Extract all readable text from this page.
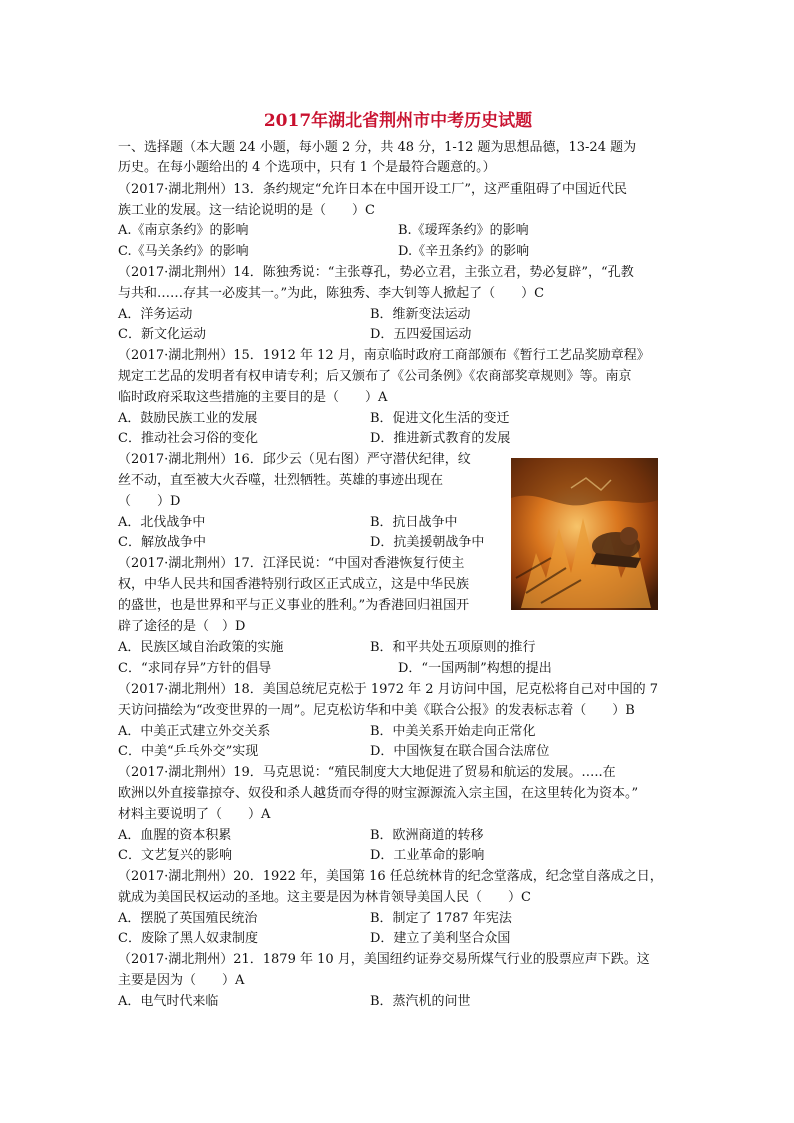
2017年湖北省荆州市中考历史试题
一、选择题（本大题 24 小题，每小题 2 分，共 48 分，1-12 题为思想品德，13-24 题为
历史。在每小题给出的 4 个选项中，只有 1 个是最符合题意的。）
（2017·湖北荆州）13．条约规定“允许日本在中国开设工厂”，这严重阻碍了中国近代民
族工业的发展。这一结论说明的是（　　）C
A.《南京条约》的影响	B.《瑷珲条约》的影响
C.《马关条约》的影响	D.《辛丑条约》的影响
（2017·湖北荆州）14．陈独秀说：“主张尊孔，势必立君，主张立君，势必复辟”，“孔教
与共和……存其一必废其一。”为此，陈独秀、李大钊等人掀起了（　　）C
A．洋务运动	B．维新变法运动
C．新文化运动	D．五四爱国运动
（2017·湖北荆州）15．1912 年 12 月，南京临时政府工商部颁布《暂行工艺品奖励章程》
规定工艺品的发明者有权申请专利；后又颁布了《公司条例》《农商部奖章规则》等。南京
临时政府采取这些措施的主要目的是（　　）A
A．鼓励民族工业的发展	B．促进文化生活的变迁
C．推动社会习俗的变化	D．推进新式教育的发展
（2017·湖北荆州）16．邱少云（见右图）严守潜伏纪律，纹
丝不动，直至被大火吞噬，壮烈牺牲。英雄的事迹出现在
（　　）D
A．北伐战争中	B．抗日战争中
C．解放战争中	D．抗美援朝战争中
（2017·湖北荆州）17．江泽民说：“中国对香港恢复行使主
权，中华人民共和国香港特别行政区正式成立，这是中华民族
的盛世，也是世界和平与正义事业的胜利。”为香港回归祖国开
辟了途径的是（　）D
A．民族区域自治政策的实施	B．和平共处五项原则的推行
C．“求同存异”方针的倡导	D．“一国两制”构想的提出
（2017·湖北荆州）18．美国总统尼克松于 1972 年 2 月访问中国，尼克松将自己对中国的 7
天访问描绘为“改变世界的一周”。尼克松访华和中美《联合公报》的发表标志着（　　）B
A．中美正式建立外交关系	B．中美关系开始走向正常化
C．中美“乒乓外交”实现	D．中国恢复在联合国合法席位
（2017·湖北荆州）19．马克思说：“殖民制度大大地促进了贸易和航运的发展。…..在
欧洲以外直接靠掠夺、奴役和杀人越货而夺得的财宝源源流入宗主国，在这里转化为资本。”
材料主要说明了（　　）A
A．血腥的资本积累	B．欧洲商道的转移
C．文艺复兴的影响	D．工业革命的影响
（2017·湖北荆州）20．1922 年，美国第 16 任总统林肯的纪念堂落成，纪念堂自落成之日，
就成为美国民权运动的圣地。这主要是因为林肯领导美国人民（　　）C
A．摆脱了英国殖民统治	B．制定了 1787 年宪法
C．废除了黑人奴隶制度	D．建立了美利坚合众国
（2017·湖北荆州）21．1879 年 10 月，美国纽约证券交易所煤气行业的股票应声下跌。这
主要是因为（　　）A
A．电气时代来临	B．蒸汽机的问世
